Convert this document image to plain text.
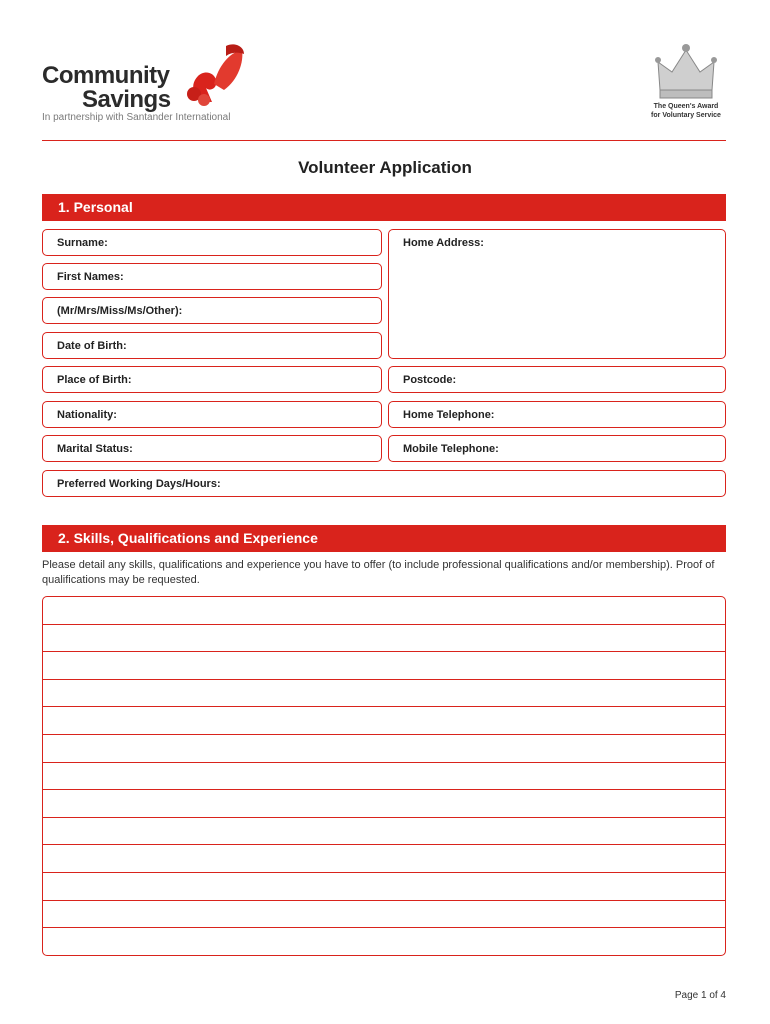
Community
Savings
In partnership with Santander International
The Queen's Award
for Voluntary Service
Volunteer Application
1. Personal
Surname:
First Names:
(Mr/Mrs/Miss/Ms/Other):
Date of Birth:
Place of Birth:
Nationality:
Marital Status:
Home Address:
Postcode:
Home Telephone:
Mobile Telephone:
Preferred Working Days/Hours:
2. Skills, Qualifications and Experience
Please detail any skills, qualifications and experience you have to offer (to include professional qualifications and/or membership). Proof of qualifications may be requested.
Page 1 of 4
